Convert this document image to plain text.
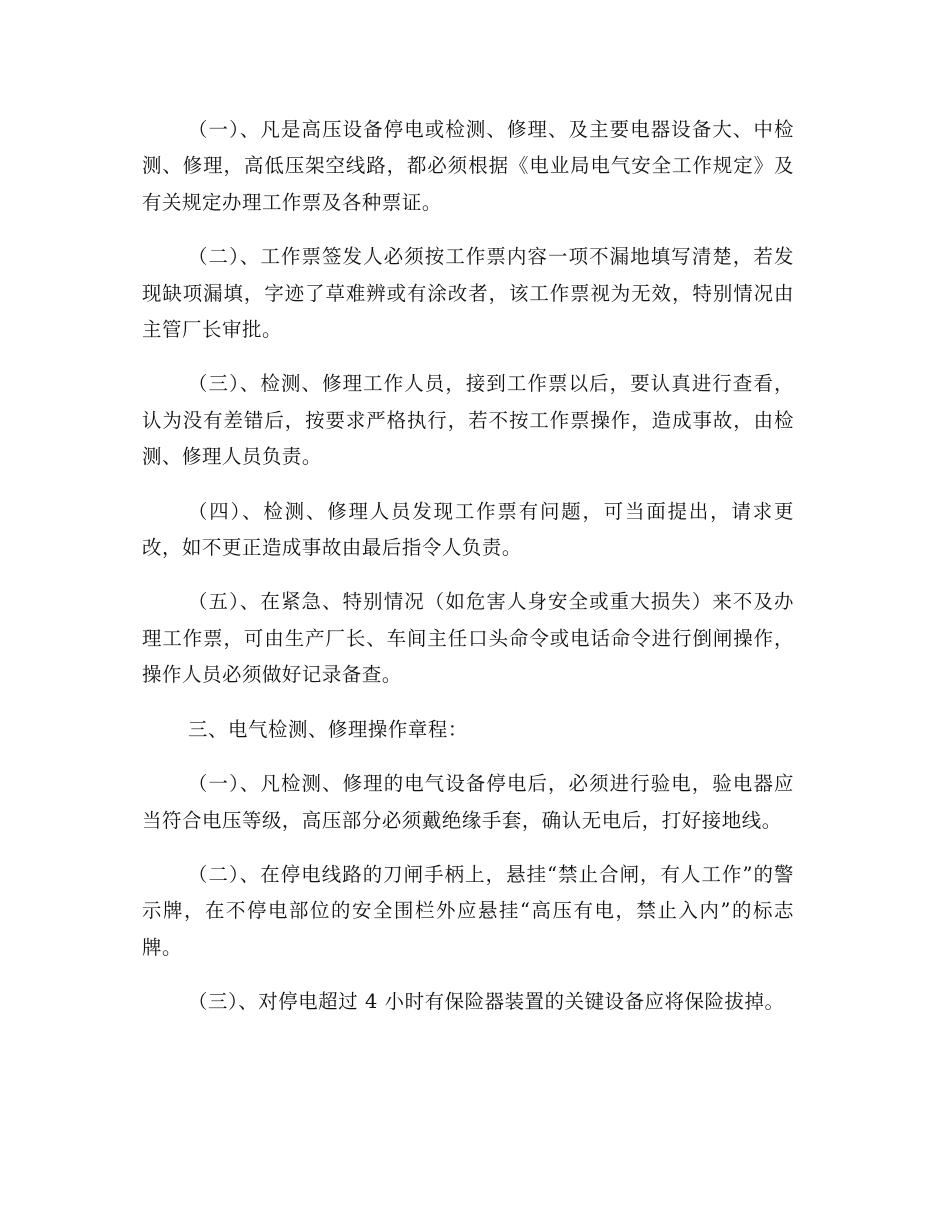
（一）、凡是高压设备停电或检测、修理、及主要电器设备大、中检测、修理，高低压架空线路，都必须根据《电业局电气安全工作规定》及有关规定办理工作票及各种票证。

（二）、工作票签发人必须按工作票内容一项不漏地填写清楚，若发现缺项漏填，字迹了草难辨或有涂改者，该工作票视为无效，特别情况由主管厂长审批。

（三）、检测、修理工作人员，接到工作票以后，要认真进行查看，认为没有差错后，按要求严格执行，若不按工作票操作，造成事故，由检测、修理人员负责。

（四）、检测、修理人员发现工作票有问题，可当面提出，请求更改，如不更正造成事故由最后指令人负责。

（五）、在紧急、特别情况（如危害人身安全或重大损失）来不及办理工作票，可由生产厂长、车间主任口头命令或电话命令进行倒闸操作，操作人员必须做好记录备查。

三、电气检测、修理操作章程：

（一）、凡检测、修理的电气设备停电后，必须进行验电，验电器应当符合电压等级，高压部分必须戴绝缘手套，确认无电后，打好接地线。

（二）、在停电线路的刀闸手柄上，悬挂“禁止合闸，有人工作”的警示牌，在不停电部位的安全围栏外应悬挂“高压有电，禁止入内”的标志牌。

（三）、对停电超过 4 小时有保险器装置的关键设备应将保险拔掉。
